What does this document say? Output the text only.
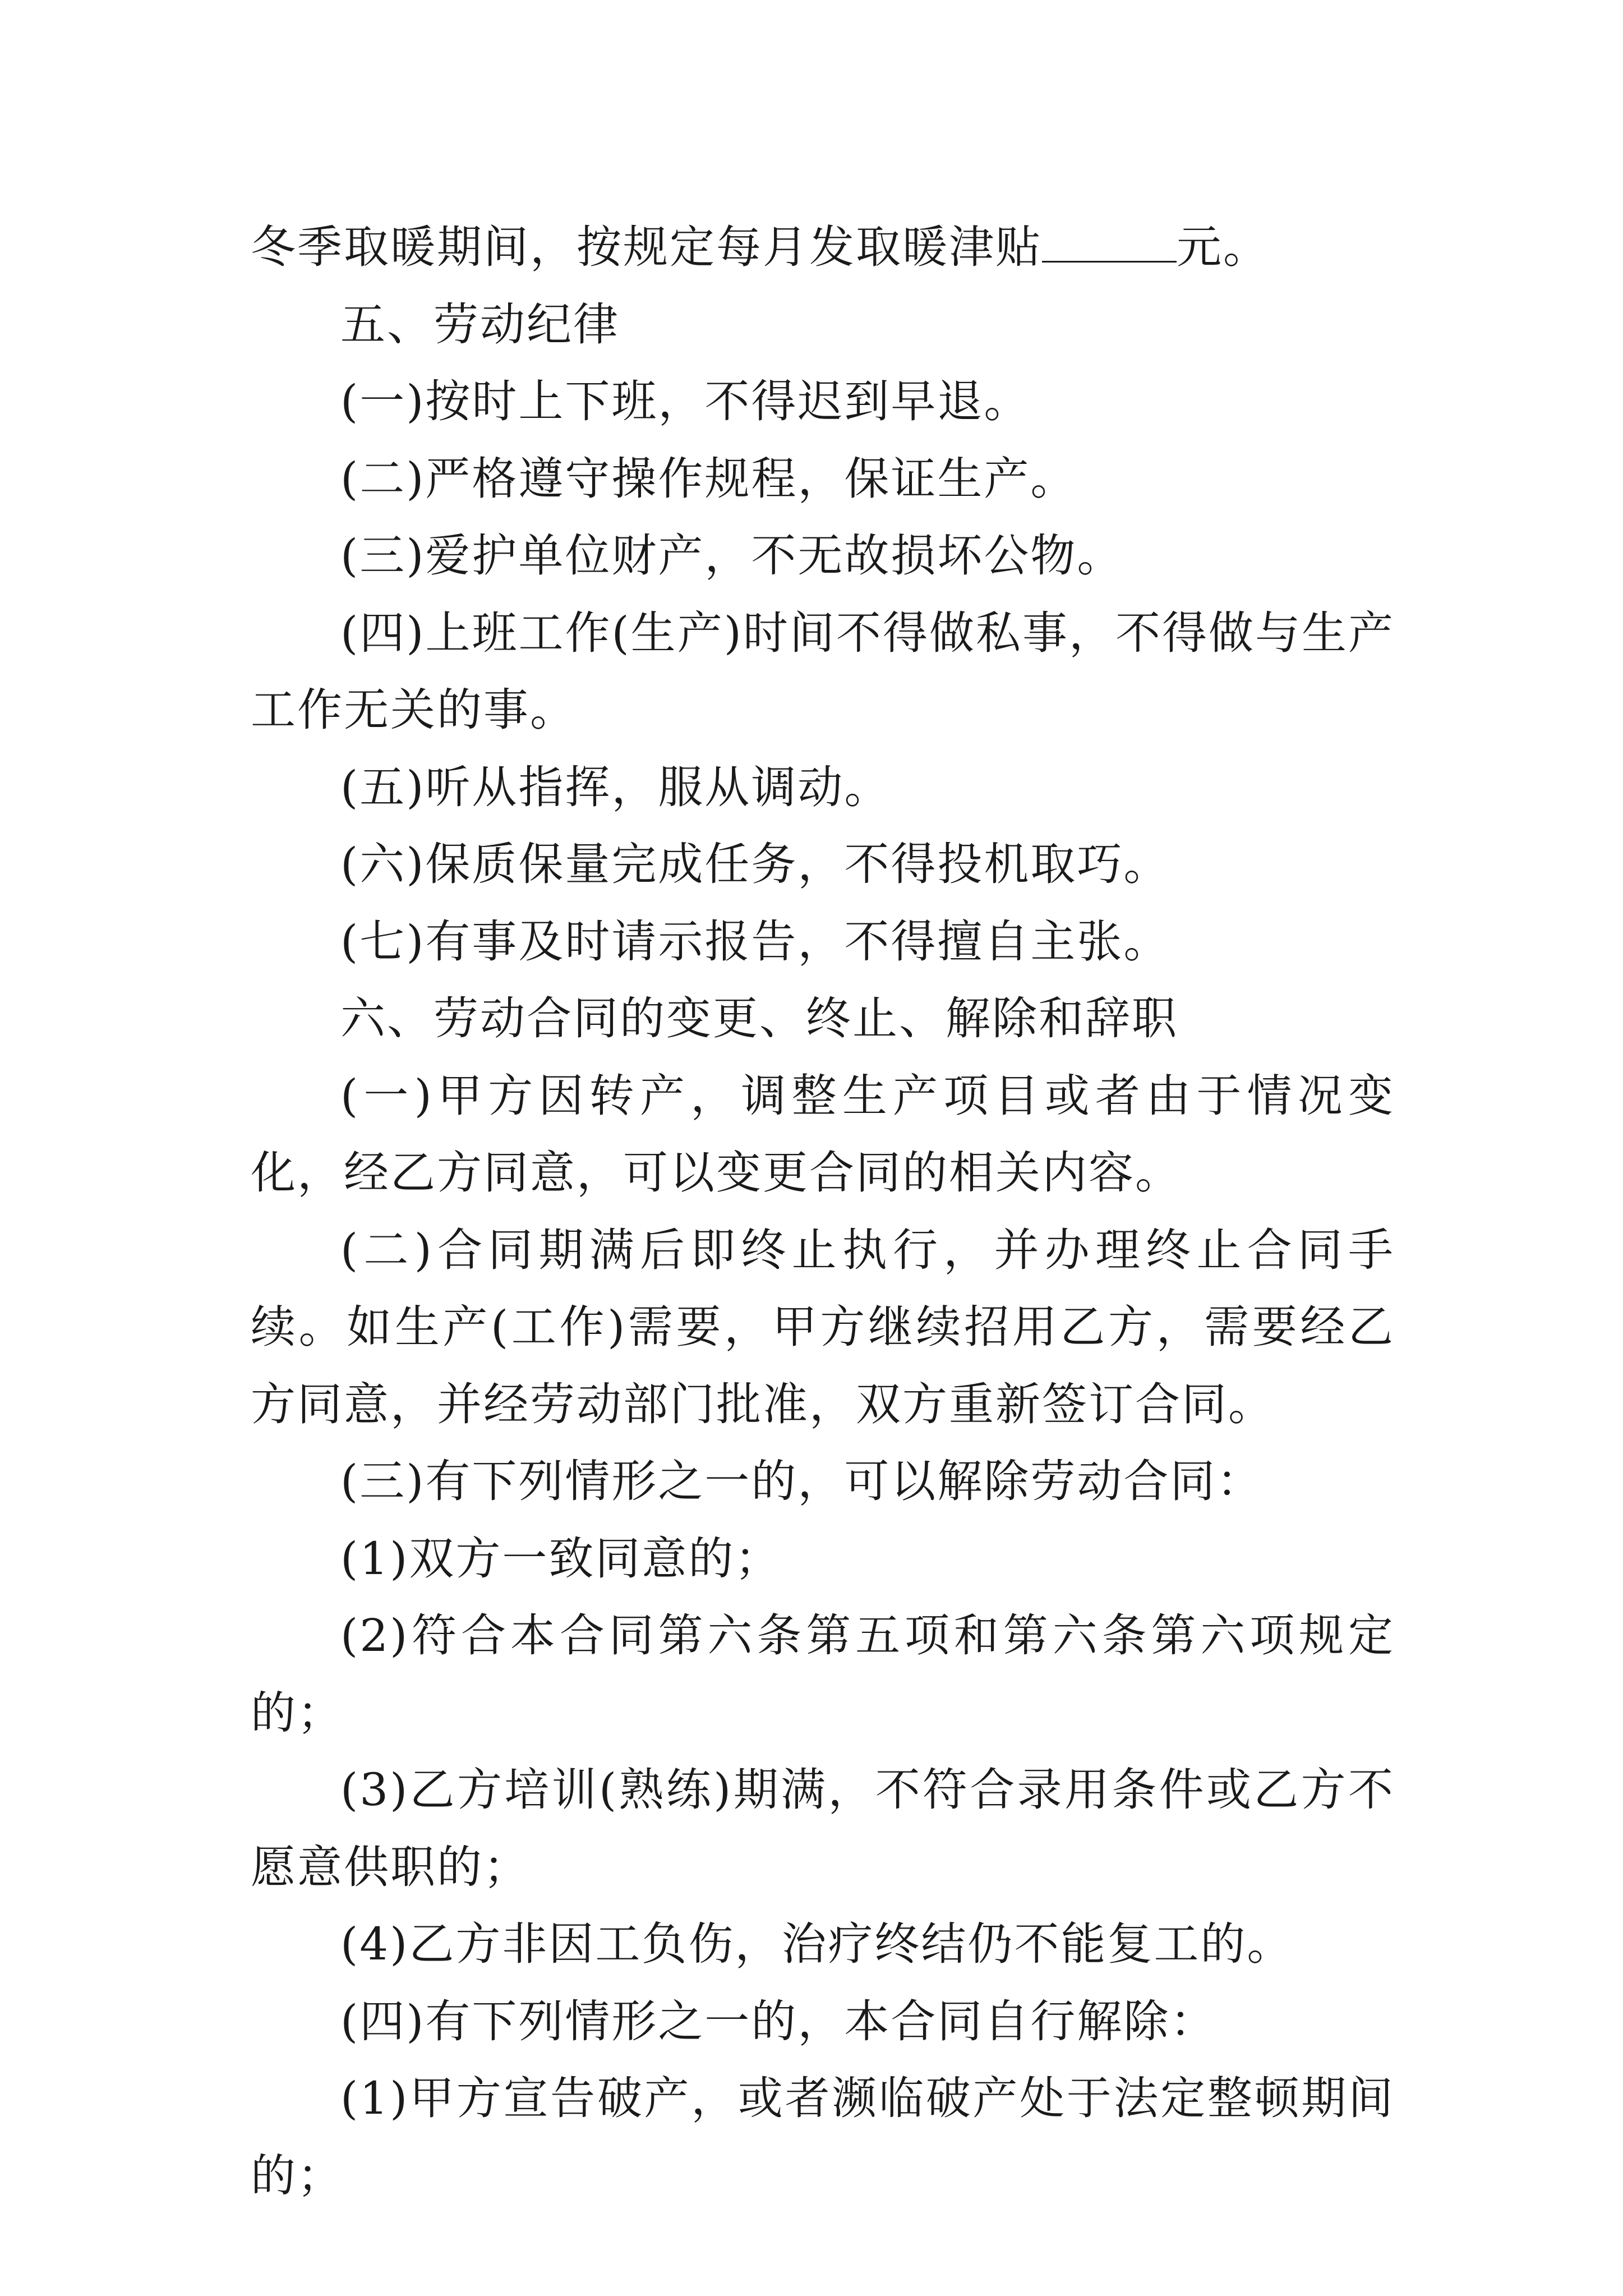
冬季取暖期间，按规定每月发取暖津贴	元。

五、劳动纪律

(一)按时上下班，不得迟到早退。

(二)严格遵守操作规程，保证生产。

(三)爱护单位财产，不无故损坏公物。

(四)上班工作(生产)时间不得做私事，不得做与生产工作无关的事。

(五)听从指挥，服从调动。

(六)保质保量完成任务，不得投机取巧。

(七)有事及时请示报告，不得擅自主张。

六、劳动合同的变更、终止、解除和辞职

(一)甲方因转产，调整生产项目或者由于情况变化，经乙方同意，可以变更合同的相关内容。

(二)合同期满后即终止执行，并办理终止合同手续。如生产(工作)需要，甲方继续招用乙方，需要经乙方同意，并经劳动部门批准，双方重新签订合同。

(三)有下列情形之一的，可以解除劳动合同：

(1)双方一致同意的；

(2)符合本合同第六条第五项和第六条第六项规定的；

(3)乙方培训(熟练)期满，不符合录用条件或乙方不愿意供职的；

(4)乙方非因工负伤，治疗终结仍不能复工的。

(四)有下列情形之一的，本合同自行解除：

(1)甲方宣告破产，或者濒临破产处于法定整顿期间的；
